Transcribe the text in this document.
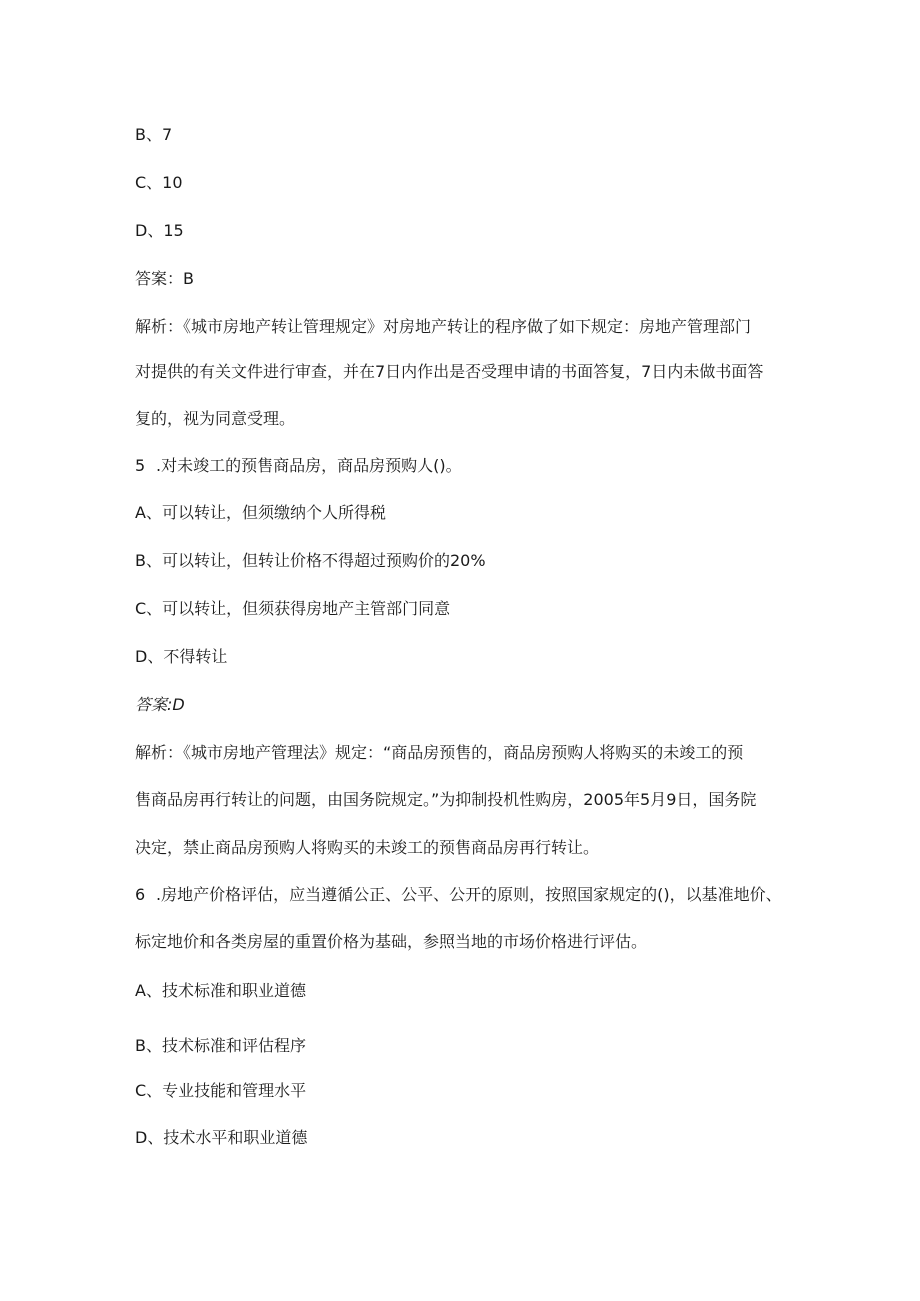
B、7
C、10
D、15
答案：B
解析：《城市房地产转让管理规定》对房地产转让的程序做了如下规定：房地产管理部门
对提供的有关文件进行审查，并在7日内作出是否受理申请的书面答复，7日内未做书面答
复的，视为同意受理。
5 .对未竣工的预售商品房，商品房预购人()。
A、可以转让，但须缴纳个人所得税
B、可以转让，但转让价格不得超过预购价的20%
C、可以转让，但须获得房地产主管部门同意
D、不得转让
答案:D
解析：《城市房地产管理法》规定：“商品房预售的，商品房预购人将购买的未竣工的预
售商品房再行转让的问题，由国务院规定。”为抑制投机性购房，2005年5月9日，国务院
决定，禁止商品房预购人将购买的未竣工的预售商品房再行转让。
6 .房地产价格评估，应当遵循公正、公平、公开的原则，按照国家规定的()，以基准地价、
标定地价和各类房屋的重置价格为基础，参照当地的市场价格进行评估。
A、技术标准和职业道德
B、技术标准和评估程序
C、专业技能和管理水平
D、技术水平和职业道德
